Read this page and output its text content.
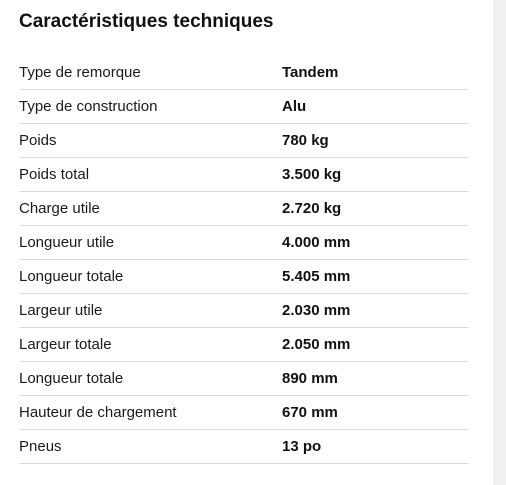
Caractéristiques techniques
Type de remorque	Tandem
Type de construction	Alu
Poids	780 kg
Poids total	3.500 kg
Charge utile	2.720 kg
Longueur utile	4.000 mm
Longueur totale	5.405 mm
Largeur utile	2.030 mm
Largeur totale	2.050 mm
Longueur totale	890 mm
Hauteur de chargement	670 mm
Pneus	13 po
